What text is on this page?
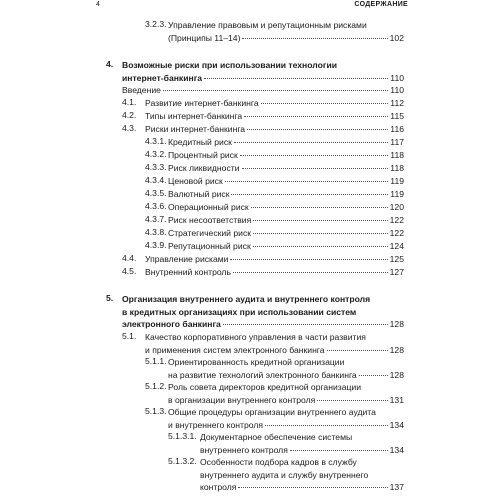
4	СОДЕРЖАНИЕ
3.2.3. Управление правовым и репутационным рисками
(Принципы 11–14)	102
4. Возможные риски при использовании технологии
интернет-банкинга	110
Введение	110
4.1. Развитие интернет-банкинга	112
4.2. Типы интернет-банкинга	115
4.3. Риски интернет-банкинга	116
4.3.1. Кредитный риск	117
4.3.2. Процентный риск	118
4.3.3. Риск ликвидности	118
4.3.4. Ценовой риск	119
4.3.5. Валютный риск	119
4.3.6. Операционный риск	120
4.3.7. Риск несоответствия	122
4.3.8. Стратегический риск	122
4.3.9. Репутационный риск	124
4.4. Управление рисками	125
4.5. Внутренний контроль	127
5. Организация внутреннего аудита и внутреннего контроля
в кредитных организациях при использовании систем
электронного банкинга	128
5.1. Качество корпоративного управления в части развития
и применения систем электронного банкинга	128
5.1.1. Ориентированность кредитной организации
на развитие технологий электронного банкинга	128
5.1.2. Роль совета директоров кредитной организации
в организации внутреннего контроля	131
5.1.3. Общие процедуры организации внутреннего аудита
и внутреннего контроля	134
5.1.3.1. Документарное обеспечение системы
внутреннего контроля	134
5.1.3.2. Особенности подбора кадров в службу
внутреннего аудита и службу внутреннего
контроля	137
